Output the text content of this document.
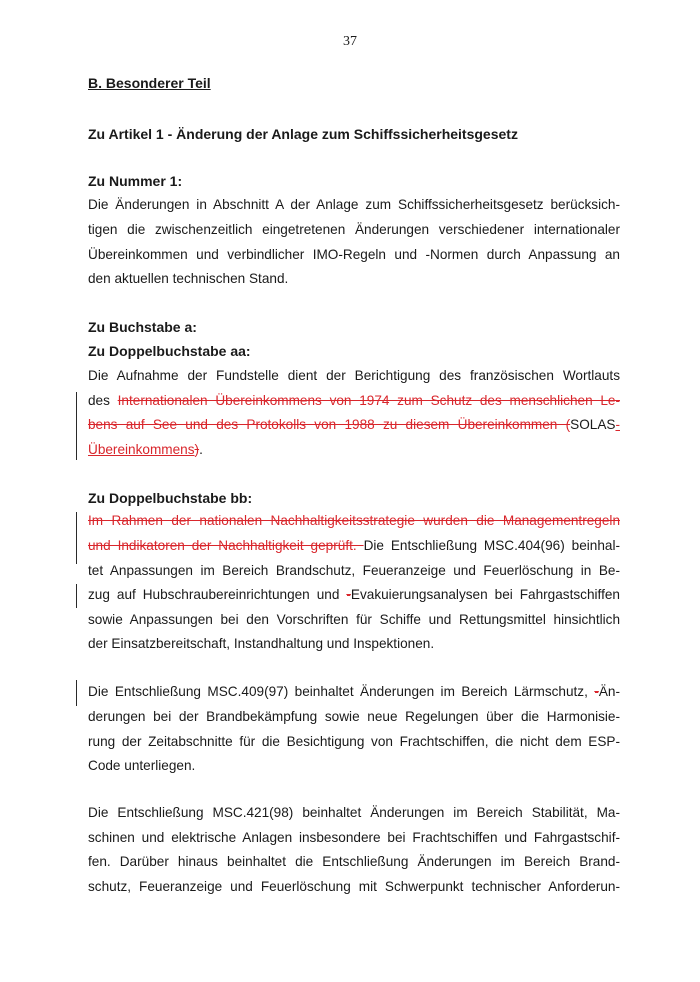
37
B. Besonderer Teil
Zu Artikel 1 - Änderung der Anlage zum Schiffssicherheitsgesetz
Zu Nummer 1:
Die Änderungen in Abschnitt A der Anlage zum Schiffssicherheitsgesetz berücksich-
tigen die zwischenzeitlich eingetretenen Änderungen verschiedener internationaler
Übereinkommen und verbindlicher IMO-Regeln und -Normen durch Anpassung an
den aktuellen technischen Stand.
Zu Buchstabe a:
Zu Doppelbuchstabe aa:
Die Aufnahme der Fundstelle dient der Berichtigung des französischen Wortlauts
des Internationalen Übereinkommens von 1974 zum Schutz des menschlichen Le-
bens auf See und des Protokolls von 1988 zu diesem Übereinkommen (SOLAS-
Übereinkommens).
Zu Doppelbuchstabe bb:
Im Rahmen der nationalen Nachhaltigkeitsstrategie wurden die Managementregeln
und Indikatoren der Nachhaltigkeit geprüft. Die Entschließung MSC.404(96) beinhal-
tet Anpassungen im Bereich Brandschutz, Feueranzeige und Feuerlöschung in Be-
zug auf Hubschraubereinrichtungen und -Evakuierungsanalysen bei Fahrgastschiffen
sowie Anpassungen bei den Vorschriften für Schiffe und Rettungsmittel hinsichtlich
der Einsatzbereitschaft, Instandhaltung und Inspektionen.
Die Entschließung MSC.409(97) beinhaltet Änderungen im Bereich Lärmschutz, -Än-
derungen bei der Brandbekämpfung sowie neue Regelungen über die Harmonisie-
rung der Zeitabschnitte für die Besichtigung von Frachtschiffen, die nicht dem ESP-
Code unterliegen.
Die Entschließung MSC.421(98) beinhaltet Änderungen im Bereich Stabilität, Ma-
schinen und elektrische Anlagen insbesondere bei Frachtschiffen und Fahrgastschif-
fen. Darüber hinaus beinhaltet die Entschließung Änderungen im Bereich Brand-
schutz, Feueranzeige und Feuerlöschung mit Schwerpunkt technischer Anforderun-
